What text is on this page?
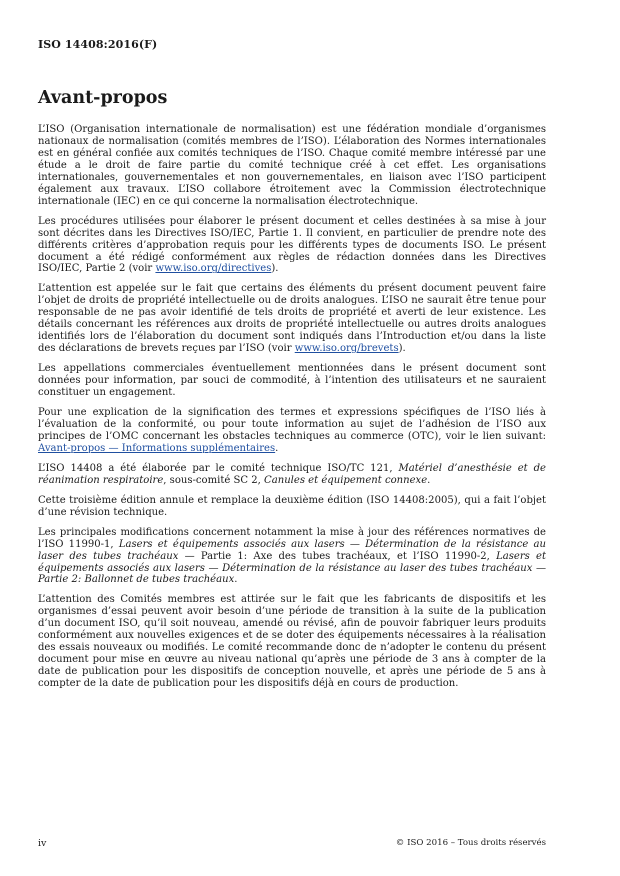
ISO 14408:2016(F)
Avant-propos

L’ISO (Organisation internationale de normalisation) est une fédération mondiale d’organismes nationaux de normalisation (comités membres de l’ISO). L’élaboration des Normes internationales est en général confiée aux comités techniques de l’ISO. Chaque comité membre intéressé par une étude a le droit de faire partie du comité technique créé à cet effet. Les organisations internationales, gouvernementales et non gouvernementales, en liaison avec l’ISO participent également aux travaux. L’ISO collabore étroitement avec la Commission électrotechnique internationale (IEC) en ce qui concerne la normalisation électrotechnique.

Les procédures utilisées pour élaborer le présent document et celles destinées à sa mise à jour sont décrites dans les Directives ISO/IEC, Partie 1. Il convient, en particulier de prendre note des différents critères d’approbation requis pour les différents types de documents ISO. Le présent document a été rédigé conformément aux règles de rédaction données dans les Directives ISO/IEC, Partie 2 (voir www.iso.org/directives).

L’attention est appelée sur le fait que certains des éléments du présent document peuvent faire l’objet de droits de propriété intellectuelle ou de droits analogues. L’ISO ne saurait être tenue pour responsable de ne pas avoir identifié de tels droits de propriété et averti de leur existence. Les détails concernant les références aux droits de propriété intellectuelle ou autres droits analogues identifiés lors de l’élaboration du document sont indiqués dans l’Introduction et/ou dans la liste des déclarations de brevets reçues par l’ISO (voir www.iso.org/brevets).

Les appellations commerciales éventuellement mentionnées dans le présent document sont données pour information, par souci de commodité, à l’intention des utilisateurs et ne sauraient constituer un engagement.

Pour une explication de la signification des termes et expressions spécifiques de l’ISO liés à l’évaluation de la conformité, ou pour toute information au sujet de l’adhésion de l’ISO aux principes de l’OMC concernant les obstacles techniques au commerce (OTC), voir le lien suivant: Avant-propos — Informations supplémentaires.

L’ISO 14408 a été élaborée par le comité technique ISO/TC 121, Matériel d’anesthésie et de réanimation respiratoire, sous-comité SC 2, Canules et équipement connexe.

Cette troisième édition annule et remplace la deuxième édition (ISO 14408:2005), qui a fait l’objet d’une révision technique.

Les principales modifications concernent notamment la mise à jour des références normatives de l’ISO 11990-1, Lasers et équipements associés aux lasers — Détermination de la résistance au laser des tubes trachéaux — Partie 1: Axe des tubes trachéaux, et l’ISO 11990-2, Lasers et équipements associés aux lasers — Détermination de la résistance au laser des tubes trachéaux — Partie 2: Ballonnet de tubes trachéaux.

L’attention des Comités membres est attirée sur le fait que les fabricants de dispositifs et les organismes d’essai peuvent avoir besoin d’une période de transition à la suite de la publication d’un document ISO, qu’il soit nouveau, amendé ou révisé, afin de pouvoir fabriquer leurs produits conformément aux nouvelles exigences et de se doter des équipements nécessaires à la réalisation des essais nouveaux ou modifiés. Le comité recommande donc de n’adopter le contenu du présent document pour mise en œuvre au niveau national qu’après une période de 3 ans à compter de la date de publication pour les dispositifs de conception nouvelle, et après une période de 5 ans à compter de la date de publication pour les dispositifs déjà en cours de production.

iv	© ISO 2016 – Tous droits réservés
